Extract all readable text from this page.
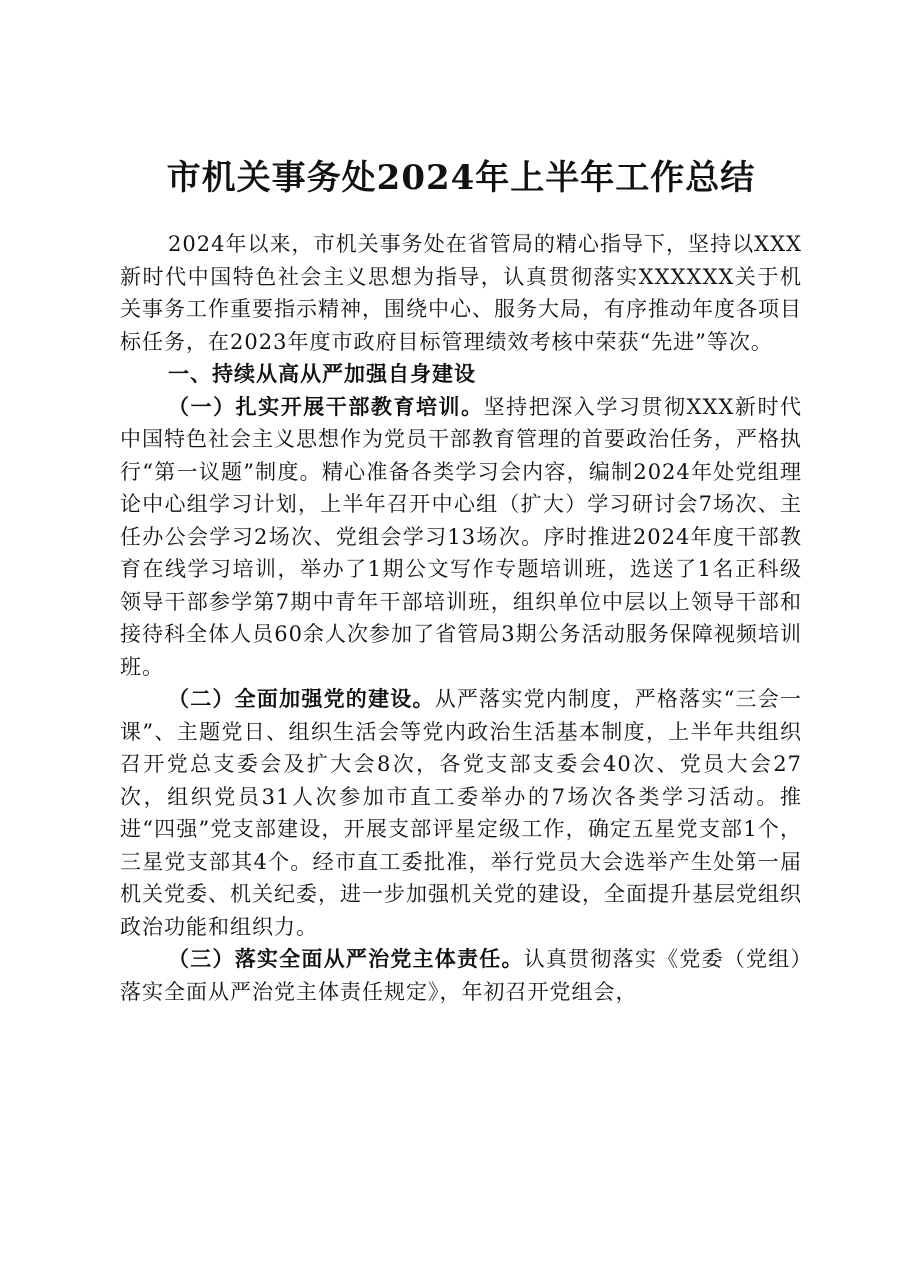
市机关事务处2024年上半年工作总结

2024年以来，市机关事务处在省管局的精心指导下，坚持以XXX新时代中国特色社会主义思想为指导，认真贯彻落实XXXXXX关于机关事务工作重要指示精神，围绕中心、服务大局，有序推动年度各项目标任务，在2023年度市政府目标管理绩效考核中荣获“先进”等次。

一、持续从高从严加强自身建设

（一）扎实开展干部教育培训。坚持把深入学习贯彻XXX新时代中国特色社会主义思想作为党员干部教育管理的首要政治任务，严格执行“第一议题”制度。精心准备各类学习会内容，编制2024年处党组理论中心组学习计划，上半年召开中心组（扩大）学习研讨会7场次、主任办公会学习2场次、党组会学习13场次。序时推进2024年度干部教育在线学习培训，举办了1期公文写作专题培训班，选送了1名正科级领导干部参学第7期中青年干部培训班，组织单位中层以上领导干部和接待科全体人员60余人次参加了省管局3期公务活动服务保障视频培训班。

（二）全面加强党的建设。从严落实党内制度，严格落实“三会一课”、主题党日、组织生活会等党内政治生活基本制度，上半年共组织召开党总支委会及扩大会8次，各党支部支委会40次、党员大会27次，组织党员31人次参加市直工委举办的7场次各类学习活动。推进“四强”党支部建设，开展支部评星定级工作，确定五星党支部1个，三星党支部其4个。经市直工委批准，举行党员大会选举产生处第一届机关党委、机关纪委，进一步加强机关党的建设，全面提升基层党组织政治功能和组织力。

（三）落实全面从严治党主体责任。认真贯彻落实《党委（党组）落实全面从严治党主体责任规定》，年初召开党组会，
